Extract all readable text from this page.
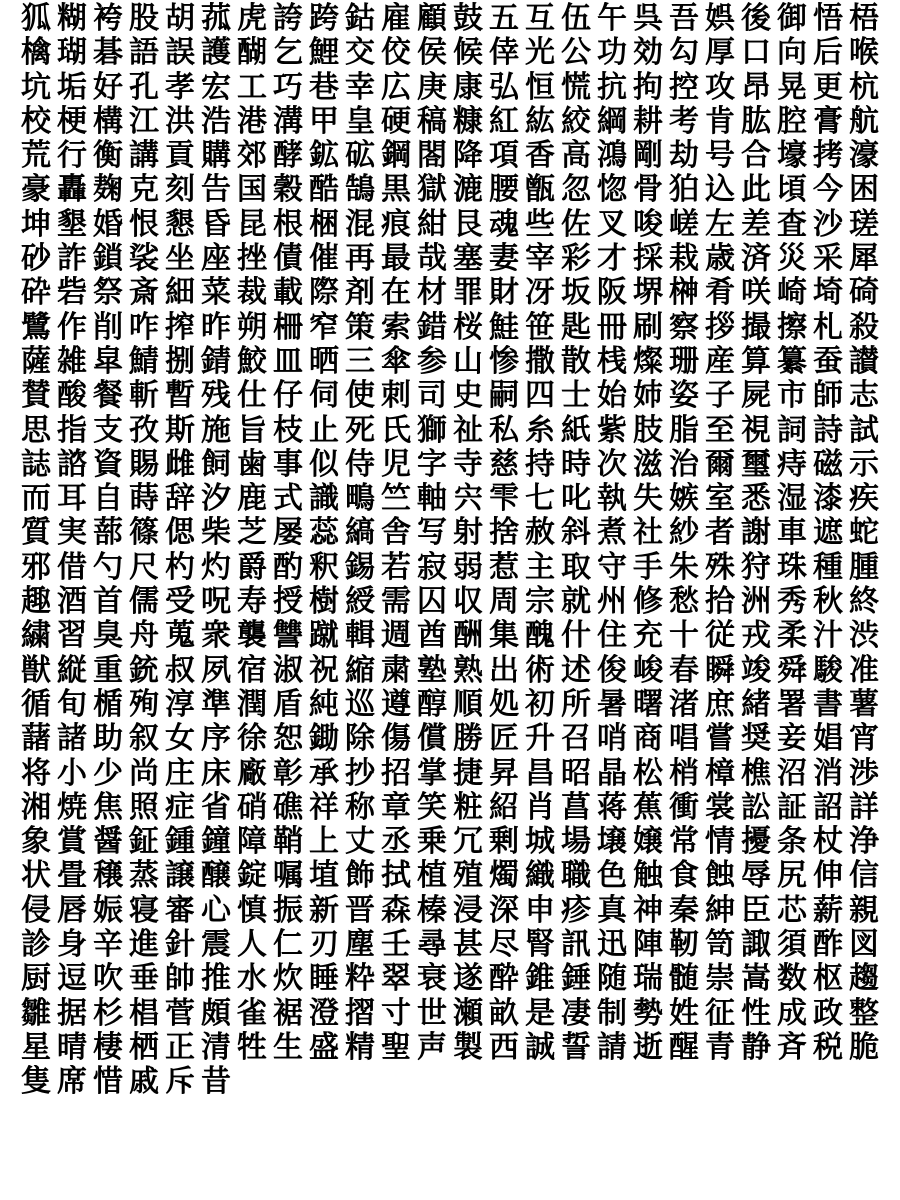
狐 糊 袴 股 胡 菰 虎 誇 跨 鈷 雇 顧 鼓 五 互 伍 午 呉 吾 娯 後 御 悟 梧
檎 瑚 碁 語 誤 護 醐 乞 鯉 交 佼 侯 候 倖 光 公 功 効 勾 厚 口 向 后 喉
坑 垢 好 孔 孝 宏 工 巧 巷 幸 広 庚 康 弘 恒 慌 抗 拘 控 攻 昂 晃 更 杭
校 梗 構 江 洪 浩 港 溝 甲 皇 硬 稿 糠 紅 紘 絞 綱 耕 考 肯 肱 腔 膏 航
荒 行 衡 講 貢 購 郊 酵 鉱 砿 鋼 閤 降 項 香 高 鴻 剛 劫 号 合 壕 拷 濠
豪 轟 麹 克 刻 告 国 穀 酷 鵠 黒 獄 漉 腰 甑 忽 惚 骨 狛 込 此 頃 今 困
坤 墾 婚 恨 懇 昏 昆 根 梱 混 痕 紺 艮 魂 些 佐 叉 唆 嵯 左 差 査 沙 瑳
砂 詐 鎖 裟 坐 座 挫 債 催 再 最 哉 塞 妻 宰 彩 才 採 栽 歳 済 災 采 犀
砕 砦 祭 斎 細 菜 裁 載 際 剤 在 材 罪 財 冴 坂 阪 堺 榊 肴 咲 崎 埼 碕
鷺 作 削 咋 搾 昨 朔 柵 窄 策 索 錯 桜 鮭 笹 匙 冊 刷 察 拶 撮 擦 札 殺
薩 雑 皐 鯖 捌 錆 鮫 皿 晒 三 傘 参 山 惨 撒 散 桟 燦 珊 産 算 纂 蚕 讃
賛 酸 餐 斬 暫 残 仕 仔 伺 使 刺 司 史 嗣 四 士 始 姉 姿 子 屍 市 師 志
思 指 支 孜 斯 施 旨 枝 止 死 氏 獅 祉 私 糸 紙 紫 肢 脂 至 視 詞 詩 試
誌 諮 資 賜 雌 飼 歯 事 似 侍 児 字 寺 慈 持 時 次 滋 治 爾 璽 痔 磁 示
而 耳 自 蒔 辞 汐 鹿 式 識 鴫 竺 軸 宍 雫 七 叱 執 失 嫉 室 悉 湿 漆 疾
質 実 蔀 篠 偲 柴 芝 屡 蕊 縞 舎 写 射 捨 赦 斜 煮 社 紗 者 謝 車 遮 蛇
邪 借 勺 尺 杓 灼 爵 酌 釈 錫 若 寂 弱 惹 主 取 守 手 朱 殊 狩 珠 種 腫
趣 酒 首 儒 受 呪 寿 授 樹 綬 需 囚 収 周 宗 就 州 修 愁 拾 洲 秀 秋 終
繍 習 臭 舟 蒐 衆 襲 讐 蹴 輯 週 酋 酬 集 醜 什 住 充 十 従 戎 柔 汁 渋
獣 縦 重 銃 叔 夙 宿 淑 祝 縮 粛 塾 熟 出 術 述 俊 峻 春 瞬 竣 舜 駿 准
循 旬 楯 殉 淳 準 潤 盾 純 巡 遵 醇 順 処 初 所 暑 曙 渚 庶 緒 署 書 薯
藷 諸 助 叙 女 序 徐 恕 鋤 除 傷 償 勝 匠 升 召 哨 商 唱 嘗 奨 妾 娼 宵
将 小 少 尚 庄 床 廠 彰 承 抄 招 掌 捷 昇 昌 昭 晶 松 梢 樟 樵 沼 消 渉
湘 焼 焦 照 症 省 硝 礁 祥 称 章 笑 粧 紹 肖 菖 蒋 蕉 衝 裳 訟 証 詔 詳
象 賞 醤 鉦 鍾 鐘 障 鞘 上 丈 丞 乗 冗 剰 城 場 壌 嬢 常 情 擾 条 杖 浄
状 畳 穣 蒸 譲 醸 錠 嘱 埴 飾 拭 植 殖 燭 織 職 色 触 食 蝕 辱 尻 伸 信
侵 唇 娠 寝 審 心 慎 振 新 晋 森 榛 浸 深 申 疹 真 神 秦 紳 臣 芯 薪 親
診 身 辛 進 針 震 人 仁 刃 塵 壬 尋 甚 尽 腎 訊 迅 陣 靭 笥 諏 須 酢 図
厨 逗 吹 垂 帥 推 水 炊 睡 粋 翠 衰 遂 酔 錐 錘 随 瑞 髄 崇 嵩 数 枢 趨
雛 据 杉 椙 菅 頗 雀 裾 澄 摺 寸 世 瀬 畝 是 凄 制 勢 姓 征 性 成 政 整
星 晴 棲 栖 正 清 牲 生 盛 精 聖 声 製 西 誠 誓 請 逝 醒 青 静 斉 税 脆
隻 席 惜 戚 斥 昔
